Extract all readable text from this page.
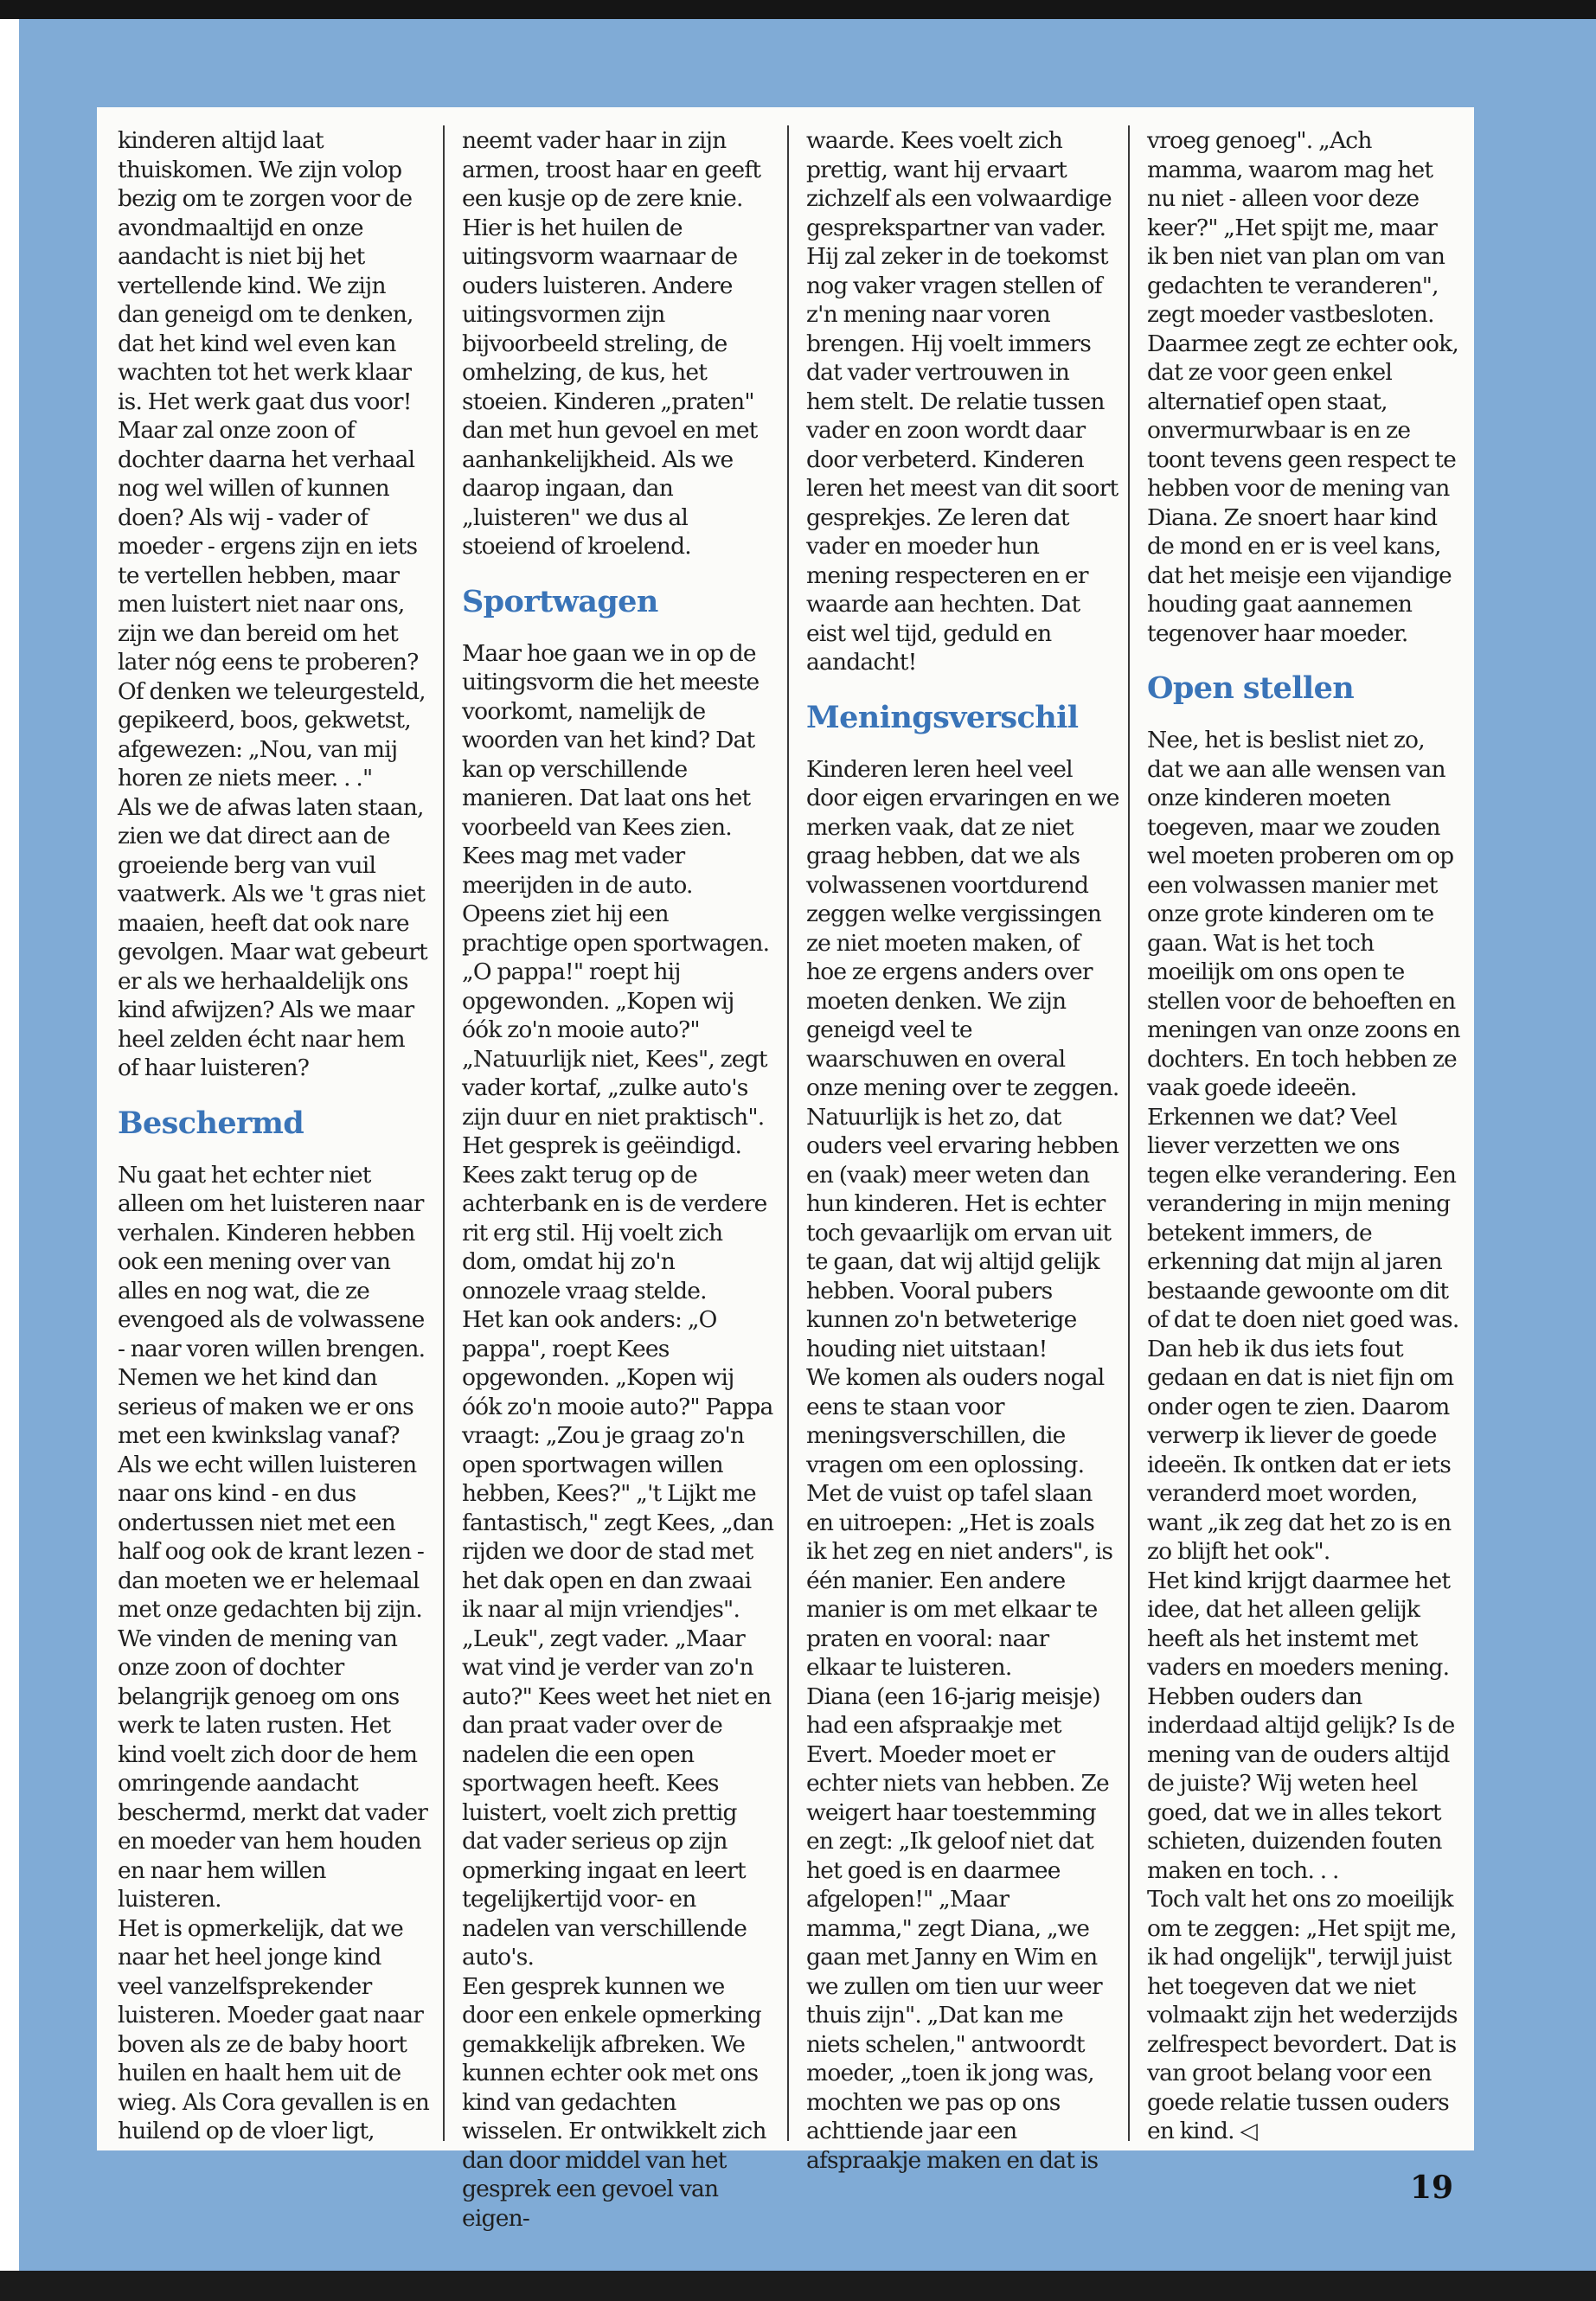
kinderen altijd laat thuiskomen. We zijn volop bezig om te zorgen voor de avondmaaltijd en onze aandacht is niet bij het vertellende kind. We zijn dan geneigd om te denken, dat het kind wel even kan wachten tot het werk klaar is. Het werk gaat dus voor! Maar zal onze zoon of dochter daarna het verhaal nog wel willen of kunnen doen? Als wij - vader of moeder - ergens zijn en iets te vertellen hebben, maar men luistert niet naar ons, zijn we dan bereid om het later nóg eens te proberen? Of denken we teleurgesteld, gepikeerd, boos, gekwetst, afgewezen: „Nou, van mij horen ze niets meer. . ."

Als we de afwas laten staan, zien we dat direct aan de groeiende berg van vuil vaatwerk. Als we 't gras niet maaien, heeft dat ook nare gevolgen. Maar wat gebeurt er als we herhaaldelijk ons kind afwijzen? Als we maar heel zelden écht naar hem of haar luisteren?

Beschermd

Nu gaat het echter niet alleen om het luisteren naar verhalen. Kinderen hebben ook een mening over van alles en nog wat, die ze evengoed als de volwassene - naar voren willen brengen. Nemen we het kind dan serieus of maken we er ons met een kwinkslag vanaf? Als we echt willen luisteren naar ons kind - en dus ondertussen niet met een half oog ook de krant lezen - dan moeten we er helemaal met onze gedachten bij zijn. We vinden de mening van onze zoon of dochter belangrijk genoeg om ons werk te laten rusten. Het kind voelt zich door de hem omringende aandacht beschermd, merkt dat vader en moeder van hem houden en naar hem willen luisteren.

Het is opmerkelijk, dat we naar het heel jonge kind veel vanzelfsprekender luisteren. Moeder gaat naar boven als ze de baby hoort huilen en haalt hem uit de wieg. Als Cora gevallen is en huilend op de vloer ligt,

neemt vader haar in zijn armen, troost haar en geeft een kusje op de zere knie. Hier is het huilen de uitingsvorm waarnaar de ouders luisteren. Andere uitingsvormen zijn bijvoorbeeld streling, de omhelzing, de kus, het stoeien. Kinderen „praten" dan met hun gevoel en met aanhankelijkheid. Als we daarop ingaan, dan „luisteren" we dus al stoeiend of kroelend.

Sportwagen

Maar hoe gaan we in op de uitingsvorm die het meeste voorkomt, namelijk de woorden van het kind? Dat kan op verschillende manieren. Dat laat ons het voorbeeld van Kees zien. Kees mag met vader meerijden in de auto. Opeens ziet hij een prachtige open sportwagen. „O pappa!" roept hij opgewonden. „Kopen wij óók zo'n mooie auto?" „Natuurlijk niet, Kees", zegt vader kortaf, „zulke auto's zijn duur en niet praktisch". Het gesprek is geëindigd. Kees zakt terug op de achterbank en is de verdere rit erg stil. Hij voelt zich dom, omdat hij zo'n onnozele vraag stelde.

Het kan ook anders: „O pappa", roept Kees opgewonden. „Kopen wij óók zo'n mooie auto?" Pappa vraagt: „Zou je graag zo'n open sportwagen willen hebben, Kees?" „'t Lijkt me fantastisch," zegt Kees, „dan rijden we door de stad met het dak open en dan zwaai ik naar al mijn vriendjes". „Leuk", zegt vader. „Maar wat vind je verder van zo'n auto?" Kees weet het niet en dan praat vader over de nadelen die een open sportwagen heeft. Kees luistert, voelt zich prettig dat vader serieus op zijn opmerking ingaat en leert tegelijkertijd voor- en nadelen van verschillende auto's.

Een gesprek kunnen we door een enkele opmerking gemakkelijk afbreken. We kunnen echter ook met ons kind van gedachten wisselen. Er ontwikkelt zich dan door middel van het gesprek een gevoel van eigen-

waarde. Kees voelt zich prettig, want hij ervaart zichzelf als een volwaardige gesprekspartner van vader. Hij zal zeker in de toekomst nog vaker vragen stellen of z'n mening naar voren brengen. Hij voelt immers dat vader vertrouwen in hem stelt. De relatie tussen vader en zoon wordt daar door verbeterd. Kinderen leren het meest van dit soort gesprekjes. Ze leren dat vader en moeder hun mening respecteren en er waarde aan hechten. Dat eist wel tijd, geduld en aandacht!

Meningsverschil

Kinderen leren heel veel door eigen ervaringen en we merken vaak, dat ze niet graag hebben, dat we als volwassenen voortdurend zeggen welke vergissingen ze niet moeten maken, of hoe ze ergens anders over moeten denken. We zijn geneigd veel te waarschuwen en overal onze mening over te zeggen. Natuurlijk is het zo, dat ouders veel ervaring hebben en (vaak) meer weten dan hun kinderen. Het is echter toch gevaarlijk om ervan uit te gaan, dat wij altijd gelijk hebben. Vooral pubers kunnen zo'n betweterige houding niet uitstaan!

We komen als ouders nogal eens te staan voor meningsverschillen, die vragen om een oplossing. Met de vuist op tafel slaan en uitroepen: „Het is zoals ik het zeg en niet anders", is één manier. Een andere manier is om met elkaar te praten en vooral: naar elkaar te luisteren.

Diana (een 16-jarig meisje) had een afspraakje met Evert. Moeder moet er echter niets van hebben. Ze weigert haar toestemming en zegt: „Ik geloof niet dat het goed is en daarmee afgelopen!" „Maar mamma," zegt Diana, „we gaan met Janny en Wim en we zullen om tien uur weer thuis zijn". „Dat kan me niets schelen," antwoordt moeder, „toen ik jong was, mochten we pas op ons achttiende jaar een afspraakje maken en dat is

vroeg genoeg". „Ach mamma, waarom mag het nu niet - alleen voor deze keer?" „Het spijt me, maar ik ben niet van plan om van gedachten te veranderen", zegt moeder vastbesloten. Daarmee zegt ze echter ook, dat ze voor geen enkel alternatief open staat, onvermurwbaar is en ze toont tevens geen respect te hebben voor de mening van Diana. Ze snoert haar kind de mond en er is veel kans, dat het meisje een vijandige houding gaat aannemen tegenover haar moeder.

Open stellen

Nee, het is beslist niet zo, dat we aan alle wensen van onze kinderen moeten toegeven, maar we zouden wel moeten proberen om op een volwassen manier met onze grote kinderen om te gaan. Wat is het toch moeilijk om ons open te stellen voor de behoeften en meningen van onze zoons en dochters. En toch hebben ze vaak goede ideeën. Erkennen we dat? Veel liever verzetten we ons tegen elke verandering. Een verandering in mijn mening betekent immers, de erkenning dat mijn al jaren bestaande gewoonte om dit of dat te doen niet goed was. Dan heb ik dus iets fout gedaan en dat is niet fijn om onder ogen te zien. Daarom verwerp ik liever de goede ideeën. Ik ontken dat er iets veranderd moet worden, want „ik zeg dat het zo is en zo blijft het ook".

Het kind krijgt daarmee het idee, dat het alleen gelijk heeft als het instemt met vaders en moeders mening. Hebben ouders dan inderdaad altijd gelijk? Is de mening van de ouders altijd de juiste? Wij weten heel goed, dat we in alles tekort schieten, duizenden fouten maken en toch. . .

Toch valt het ons zo moeilijk om te zeggen: „Het spijt me, ik had ongelijk", terwijl juist het toegeven dat we niet volmaakt zijn het wederzijds zelfrespect bevordert. Dat is van groot belang voor een goede relatie tussen ouders en kind. ◁

19
